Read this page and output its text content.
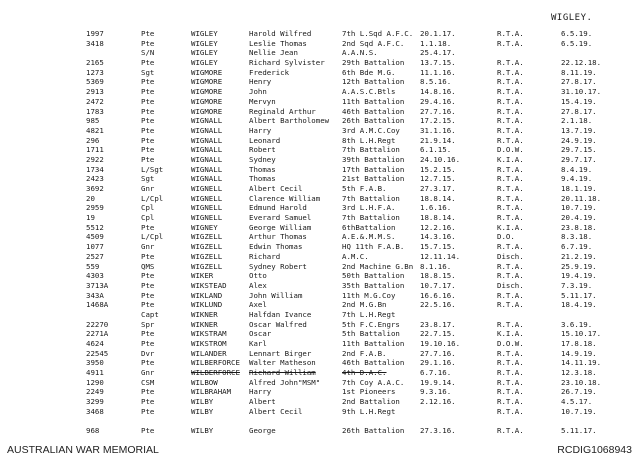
WIGLEY.
1997	Pte	WIGLEY	Harold Wilfred	7th L.Sqd A.F.C. 20.1.17.	R.T.A.	6.5.19.
3418	Pte	WIGLEY	Leslie Thomas	2nd Sqd A.F.C. 1.1.18.	R.T.A.	6.5.19.
S/N	WIGLEY	Nellie Jean	A.A.N.S.	25.4.17.
2165	Pte	WIGLEY	Richard Sylvister 29th Battalion 13.7.15.	R.T.A.	22.12.18.
1273	Sgt	WIGMORE	Frederick	6th Bde M.G.	11.1.16.	R.T.A.	8.11.19.
5369	Pte	WIGMORE	Henry	12th Battalion 8.5.16.	R.T.A.	27.8.17.
2913	Pte	WIGMORE	John	A.A.S.C.Btls	14.8.16.	R.T.A.	31.10.17.
2472	Pte	WIGMORE	Mervyn	11th Battalion 29.4.16.	R.T.A.	15.4.19.
1783	Pte	WIGMORE	Reginald Arthur	46th Battalion 27.7.16.	R.T.A.	27.8.17.
985	Pte	WIGNALL	Albert Bartholomew 26th Battalion 17.2.15.	R.T.A.	2.1.18.
4821	Pte	WIGNALL	Harry	3rd A.M.C.Coy	31.1.16.	R.T.A.	13.7.19.
296	Pte	WIGNALL	Leonard	8th L.H.Regt	21.9.14.	R.T.A.	24.9.19.
1711	Pte	WIGNALL	Robert	7th Battalion	6.1.15.	D.O.W.	29.7.15.
2922	Pte	WIGNALL	Sydney	39th Battalion 24.10.16.	K.I.A.	29.7.17.
1734	L/Sgt	WIGNALL	Thomas	17th Battalion 15.2.15.	R.T.A.	8.4.19.
2423	Sgt	WIGNALL	Thomas	21st Battalion 12.7.15.	R.T.A.	9.4.19.
3692	Gnr	WIGNELL	Albert Cecil	5th F.A.B.	27.3.17.	R.T.A.	18.1.19.
20	L/Cpl	WIGNELL	Clarence William	7th Battalion	18.8.14.	R.T.A.	20.11.18.
2959	Cpl	WIGNELL	Edmund Harold	3rd L.H.F.A.	1.6.16.	R.T.A.	10.7.19.
19	Cpl	WIGNELL	Everard Samuel	7th Battalion	18.8.14.	R.T.A.	20.4.19.
5512	Pte	WIGNEY	George William	6thBattalion	12.2.16.	K.I.A.	23.8.18.
4509	L/Cpl	WIGZELL	Arthur Thomas	A.E.&.M.M.S.	14.3.16.	D.O.	8.3.18.
1077	Gnr	WIGZELL	Edwin Thomas	HQ 11th F.A.B. 15.7.15.	R.T.A.	6.7.19.
2527	Pte	WIGZELL	Richard	A.M.C.	12.11.14.	Disch.	21.2.19.
559	QMS	WIGZELL	Sydney Robert	2nd Machine G.Bn 8.1.16.	R.T.A.	25.9.19.
4303	Pte	WIKER	Otto	50th Battalion 18.8.15.	R.T.A.	19.4.19.
3713A	Pte	WIKSTEAD	Alex	35th Battalion 10.7.17.	Disch.	7.3.19.
343A	Pte	WIKLAND	John William	11th M.G.Coy	16.6.16.	R.T.A.	5.11.17.
1468A	Pte	WIKLUND	Axel	2nd M.G.Bn	22.5.16.	R.T.A.	18.4.19.
Capt	WIKNER	Halfdan Ivance	7th L.H.Regt
22270	Spr	WIKNER	Oscar Walfred	5th F.C.Engrs	23.8.17.	R.T.A.	3.6.19.
2271A	Pte	WIKSTRAM	Oscar	5th Battalion	22.7.15.	K.I.A.	15.10.17.
4624	Pte	WIKSTROM	Karl	11th Battalion 19.10.16.	D.O.W.	17.8.18.
22545	Dvr	WILANDER	Lennart Birger	2nd F.A.B.	27.7.16.	R.T.A.	14.9.19.
3950	Pte	WILBERFORCE Walter Matheson	46th Battalion 29.1.16.	R.T.A.	14.11.19.
4911	Gnr	WILBERFORCE Richard William	4th D.A.C.	6.7.16.	R.T.A.	12.3.18.
1290	CSM	WILBOW	Alfred John"MSM"	7th Coy A.A.C. 19.9.14.	R.T.A.	23.10.18.
2249	Pte	WILBRAHAM Harry	1st Pioneers	9.3.16.	R.T.A.	26.7.19.
3299	Pte	WILBY	Albert	2nd Battalion	2.12.16.	R.T.A.	4.5.17.
3468	Pte	WILBY	Albert Cecil	9th L.H.Regt	R.T.A.	10.7.19.
968	Pte	WILBY	George	26th Battalion 27.3.16.	R.T.A.	5.11.17.
AUSTRALIAN WAR MEMORIAL	RCDIG1068943
